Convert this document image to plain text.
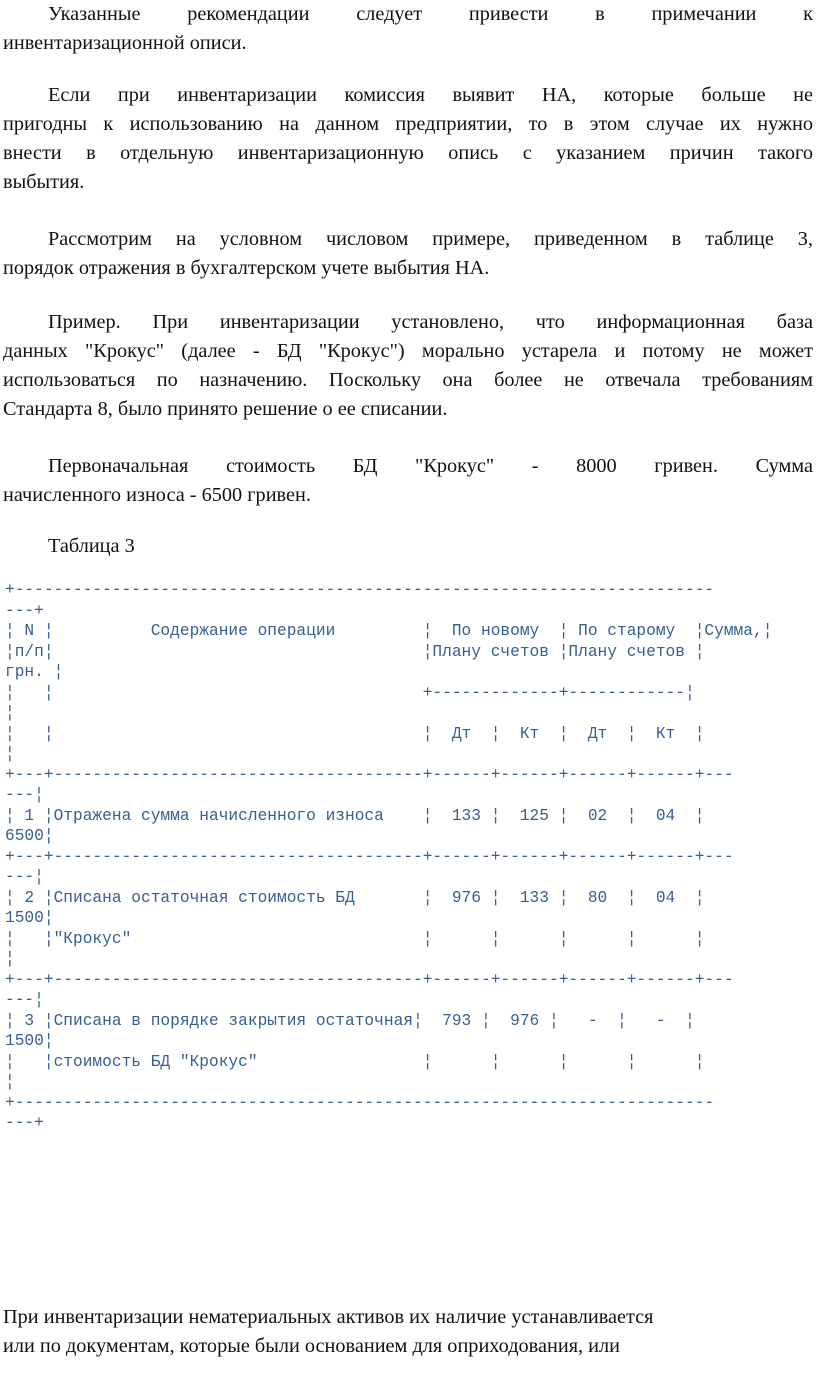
Указанные рекомендации следует привести в примечании к
инвентаризационной описи.
Если при инвентаризации комиссия выявит НА, которые больше не
пригодны к использованию на данном предприятии, то в этом случае их нужно
внести в отдельную инвентаризационную опись с указанием причин такого
выбытия.
Рассмотрим на условном числовом примере, приведенном в таблице 3,
порядок отражения в бухгалтерском учете выбытия НА.
Пример. При инвентаризации установлено, что информационная база
данных "Крокус" (далее - БД "Крокус") морально устарела и потому не может
использоваться по назначению. Поскольку она более не отвечала требованиям
Стандарта 8, было принято решение о ее списании.
Первоначальная стоимость БД "Крокус" - 8000 гривен. Сумма
начисленного износа - 6500 гривен.
Таблица 3
+------------------------------------------------------------------------
---+
¦ N ¦          Содержание операции         ¦  По новому  ¦ По старому  ¦Сумма,¦
¦п/п¦                                      ¦Плану счетов ¦Плану счетов ¦
грн. ¦
¦   ¦                                      +-------------+------------¦
¦
¦   ¦                                      ¦  Дт  ¦  Кт  ¦  Дт  ¦  Кт  ¦
¦
+---+--------------------------------------+------+------+------+------+---
---¦
¦ 1 ¦Отражена сумма начисленного износа    ¦  133 ¦  125 ¦  02  ¦  04  ¦
6500¦
+---+--------------------------------------+------+------+------+------+---
---¦
¦ 2 ¦Списана остаточная стоимость БД       ¦  976 ¦  133 ¦  80  ¦  04  ¦
1500¦
¦   ¦"Крокус"                              ¦      ¦      ¦      ¦      ¦
¦
+---+--------------------------------------+------+------+------+------+---
---¦
¦ 3 ¦Списана в порядке закрытия остаточная¦  793 ¦  976 ¦   -  ¦   -  ¦
1500¦
¦   ¦стоимость БД "Крокус"                 ¦      ¦      ¦      ¦      ¦
¦
+------------------------------------------------------------------------
---+
При инвентаризации нематериальных активов их наличие устанавливается
или по документам, которые были основанием для оприходования, или
